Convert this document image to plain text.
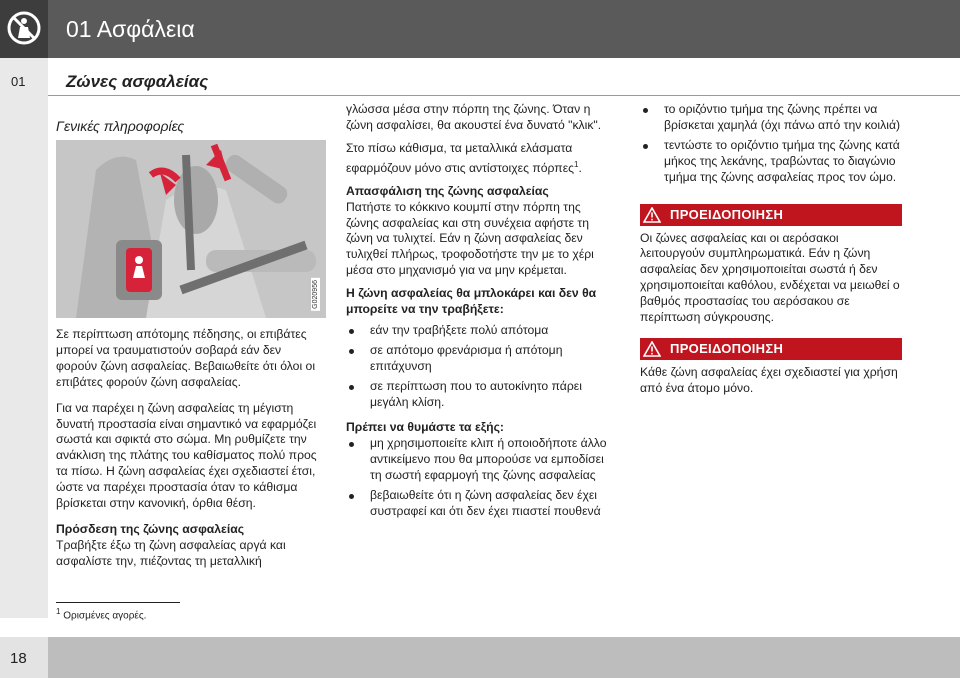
01 Ασφάλεια
01 Ζώνες ασφαλείας
Γενικές πληροφορίες
G020956

Σε περίπτωση απότομης πέδησης, οι επιβάτες μπορεί να τραυματιστούν σοβαρά εάν δεν φορούν ζώνη ασφαλείας. Βεβαιωθείτε ότι όλοι οι επιβάτες φορούν ζώνη ασφαλείας.

Για να παρέχει η ζώνη ασφαλείας τη μέγιστη δυνατή προστασία είναι σημαντικό να εφαρμόζει σωστά και σφικτά στο σώμα. Μη ρυθμίζετε την ανάκλιση της πλάτης του καθίσματος πολύ προς τα πίσω. Η ζώνη ασφαλείας έχει σχεδιαστεί έτσι, ώστε να παρέχει προστασία όταν το κάθισμα βρίσκεται στην κανονική, όρθια θέση.

Πρόσδεση της ζώνης ασφαλείας

Τραβήξτε έξω τη ζώνη ασφαλείας αργά και ασφαλίστε την, πιέζοντας τη μεταλλική

γλώσσα μέσα στην πόρπη της ζώνης. Όταν η ζώνη ασφαλίσει, θα ακουστεί ένα δυνατό "κλικ".

Στο πίσω κάθισμα, τα μεταλλικά ελάσματα εφαρμόζουν μόνο στις αντίστοιχες πόρπες$^1$.

Απασφάλιση της ζώνης ασφαλείας

Πατήστε το κόκκινο κουμπί στην πόρπη της ζώνης ασφαλείας και στη συνέχεια αφήστε τη ζώνη να τυλιχτεί. Εάν η ζώνη ασφαλείας δεν τυλιχθεί πλήρως, τροφοδοτήστε την με το χέρι μέσα στο μηχανισμό για να μην κρέμεται.

Η ζώνη ασφαλείας θα μπλοκάρει και δεν θα μπορείτε να την τραβήξετε:

εάν την τραβήξετε πολύ απότομα
σε απότομο φρενάρισμα ή απότομη επιτάχυνση
σε περίπτωση που το αυτοκίνητο πάρει μεγάλη κλίση.

Πρέπει να θυμάστε τα εξής:

μη χρησιμοποιείτε κλιπ ή οποιοδήποτε άλλο αντικείμενο που θα μπορούσε να εμποδίσει τη σωστή εφαρμογή της ζώνης ασφαλείας
βεβαιωθείτε ότι η ζώνη ασφαλείας δεν έχει συστραφεί και ότι δεν έχει πιαστεί πουθενά
το οριζόντιο τμήμα της ζώνης πρέπει να βρίσκεται χαμηλά (όχι πάνω από την κοιλιά)
τεντώστε το οριζόντιο τμήμα της ζώνης κατά μήκος της λεκάνης, τραβώντας το διαγώνιο τμήμα της ζώνης ασφαλείας προς τον ώμο.
ΠΡΟΕΙΔΟΠΟΙΗΣΗ

Οι ζώνες ασφαλείας και οι αερόσακοι λειτουργούν συμπληρωματικά. Εάν η ζώνη ασφαλείας δεν χρησιμοποιείται σωστά ή δεν χρησιμοποιείται καθόλου, ενδέχεται να μειωθεί ο βαθμός προστασίας του αερόσακου σε περίπτωση σύγκρουσης.

ΠΡΟΕΙΔΟΠΟΙΗΣΗ

Κάθε ζώνη ασφαλείας έχει σχεδιαστεί για χρήση από ένα άτομο μόνο.

$^1$ Ορισμένες αγορές.
18
